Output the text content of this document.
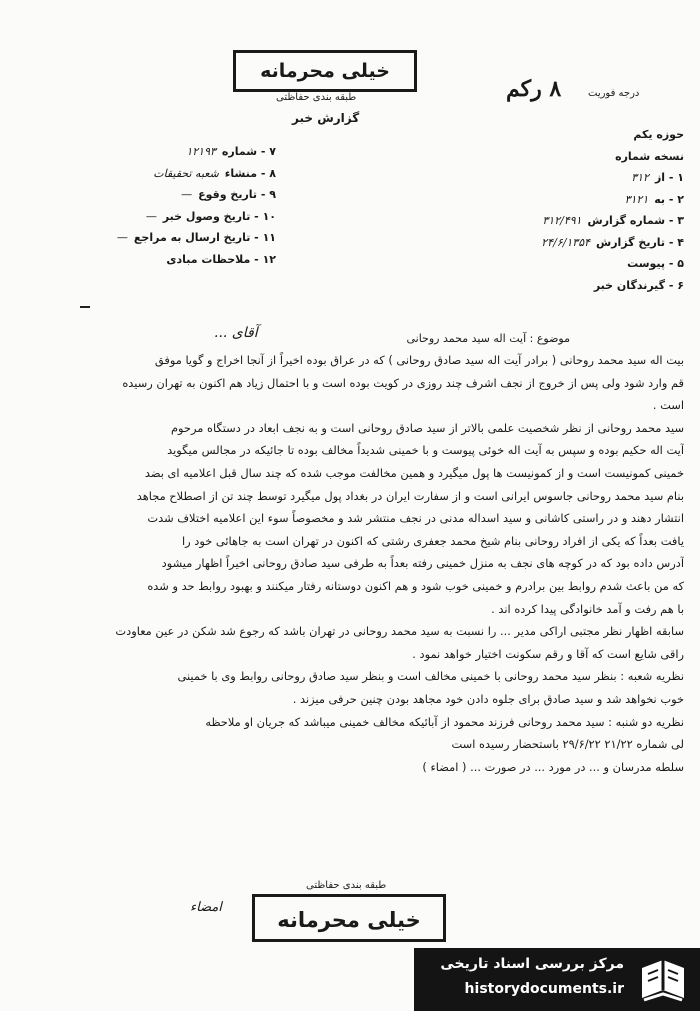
خیلی محرمانه
طبقه بندی حفاظتی
گزارش خبر
درجه فوریت
۸ رکم
۷ - شماره۱۲۱۹۳
۸ - منشاءشعبه تحقیقات
۹ - تاریخ وقوع—
۱۰ - تاریخ وصول خبر—
۱۱ - تاریخ ارسال به مراجع—
۱۲ - ملاحظات مبادی
حوزه یکم
نسخه شماره
۱ - از۳۱۲
۲ - به۳۱۲۱
۳ - شماره گزارش۳۱۲/۴۹۱
۴ - تاریخ گزارش۲۴/۶/۱۳۵۴
۵ - پیوست
۶ - گیرندگان خبر
موضوع : آیت اله سید محمد روحانی
آقای ...
بیت اله سید محمد روحانی ( برادر آیت اله سید صادق روحانی ) که در عراق بوده اخیراً از آنجا اخراج و گویا موفق
قم وارد شود ولی پس از خروج از نجف اشرف چند روزی در کویت بوده است و با احتمال زیاد هم اکنون به تهران رسیده
است .
سید محمد روحانی از نظر شخصیت علمی بالاتر از سید صادق روحانی است و به نجف ابعاد در دستگاه مرحوم
آیت اله حکیم بوده و سپس به آیت اله خوئی پیوست و با خمینی شدیداً مخالف بوده تا جائیکه در مجالس میگوید
خمینی کمونیست است و از کمونیست ها پول میگیرد و همین مخالفت موجب شده که چند سال قبل اعلامیه ای بضد
بنام سید محمد روحانی جاسوس ایرانی است و از سفارت ایران در بغداد پول میگیرد توسط چند تن از اصطلاح مجاهد
انتشار دهند و در راستی کاشانی و سید اسداله مدنی در نجف منتشر شد و مخصوصاً سوء این اعلامیه اختلاف شدت
یافت بعداً که یکی از افراد روحانی بنام شیخ محمد جعفری رشتی که اکنون در تهران است به جاهائی خود را
آدرس داده بود که در کوچه های نجف به منزل خمینی رفته بعداً به طرفی سید صادق روحانی اخیراً اظهار میشود
که من باعث شدم روابط بین برادرم و خمینی خوب شود و هم اکنون دوستانه رفتار میکنند و بهبود روابط حد و شده
با هم رفت و آمد خانوادگی پیدا کرده اند .
سابقه اظهار نظر مجتبی اراکی مدیر ... را نسبت به سید محمد روحانی در تهران باشد که رجوع شد شکن در عین معاودت
راقی شایع است که آقا و رقم سکونت اختیار خواهد نمود .
نظریه شعبه : بنظر سید محمد روحانی با خمینی مخالف است و بنظر سید صادق روحانی روابط وی با خمینی
خوب نخواهد شد و سید صادق برای جلوه دادن خود مجاهد بودن چنین حرفی میزند .
نظریه دو شنبه : سید محمد روحانی فرزند محمود از آبائیکه مخالف خمینی میباشد که جریان او ملاحظه
لی شماره ۲۱/۲۲ ۲۹/۶/۲۲ باستحضار رسیده است
سلطه مدرسان و ... در مورد ... در صورت ... ( امضاء )
طبقه بندی حفاظتی
خیلی محرمانه
امضاء
مرکز بررسی اسناد تاریخی
historydocuments.ir
